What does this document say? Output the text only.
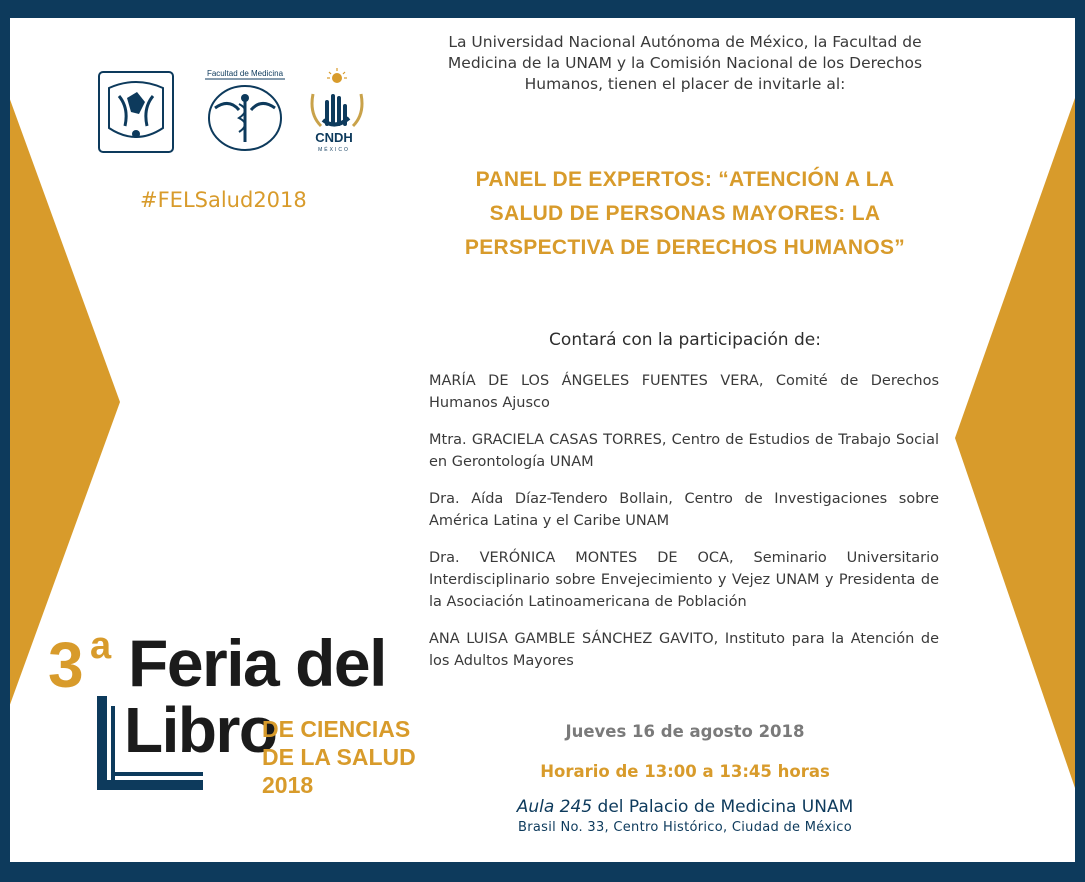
Facultad de Medicina
CNDH
MÉXICO
#FELSalud2018
La Universidad Nacional Autónoma de México, la Facultad de Medicina de la UNAM y la Comisión Nacional de los Derechos Humanos, tienen el placer de invitarle al:
PANEL DE EXPERTOS: “ATENCIÓN A LA
SALUD DE PERSONAS MAYORES: LA
PERSPECTIVA DE DERECHOS HUMANOS”
Contará con la participación de:
MARÍA DE LOS ÁNGELES FUENTES VERA, Comité de Derechos Humanos Ajusco
Mtra. GRACIELA CASAS TORRES, Centro de Estudios de Trabajo Social en Gerontología UNAM
Dra. Aída Díaz-Tendero Bollain, Centro de Investigaciones sobre América Latina y el Caribe UNAM
Dra. VERÓNICA MONTES DE OCA, Seminario Universitario Interdisciplinario sobre Envejecimiento y Vejez UNAM y Presidenta de la Asociación Latinoamericana de Población
ANA LUISA GAMBLE SÁNCHEZ GAVITO, Instituto para la Atención de los Adultos Mayores
Jueves 16 de agosto 2018
Horario de 13:00 a 13:45 horas
Aula 245 del Palacio de Medicina UNAM
Brasil No. 33, Centro Histórico, Ciudad de México
3 a Feria del
Libro
DE CIENCIAS
DE LA SALUD
2018
